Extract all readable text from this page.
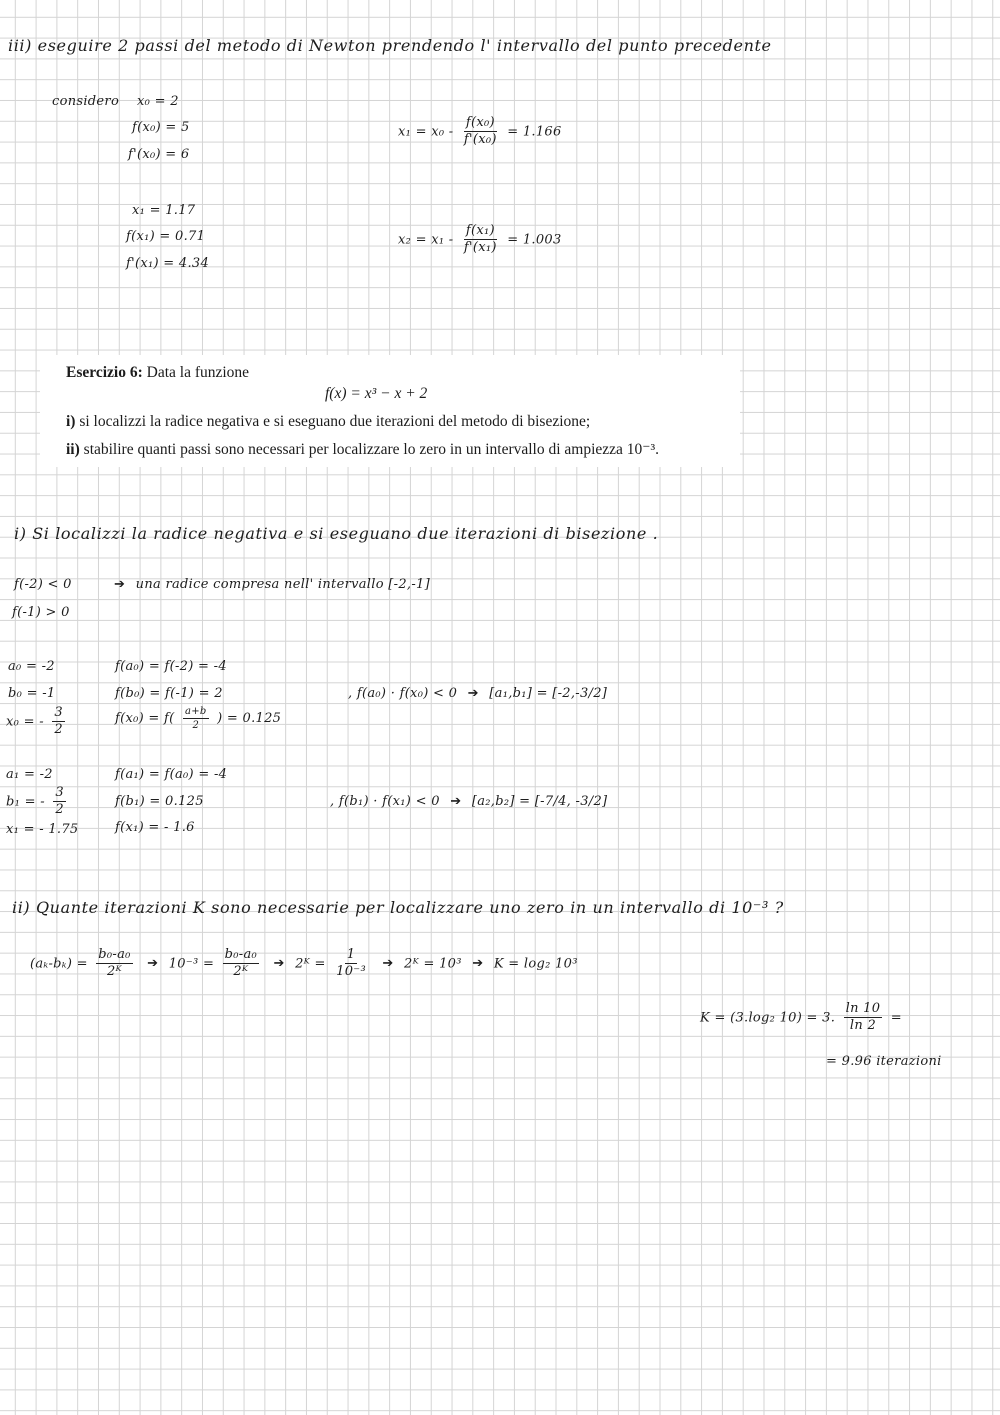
iii) eseguire 2 passi del metodo di Newton prendendo l' intervallo del punto precedente
considero x₀ = 2
f(x₀) = 5
f'(x₀) = 6
$x_1 = x_0 - \frac{\text{f(x₀)}}{\text{f'(x₀)}} = 1.166$
x₁ = 1.17
f(x₁) = 0.71
f'(x₁) = 4.34
$x_2 = x_1 - \frac{\text{f(x₁)}}{\text{f'(x₁)}} = 1.003$
Esercizio 6: Data la funzione
f(x) = x³ − x + 2
i) si localizzi la radice negativa e si eseguano due iterazioni del metodo di bisezione;
ii) stabilire quanti passi sono necessari per localizzare lo zero in un intervallo di ampiezza 10⁻³.
i) Si localizzi la radice negativa e si eseguano due iterazioni di bisezione .
f(-2) < 0	➔ una radice compresa nell' intervallo [-2,-1]
f(-1) > 0
a₀ = -2
b₀ = -1
x₀ = - $\frac{3}{2}$
f(a₀) = f(-2) = -4
f(b₀) = f(-1) = 2
$f(x_0) = f( \frac{a+b}{2}$ ) = 0.125
, f(a₀) · f(x₀) < 0 ➔ [a₁,b₁] = [-2,-3/2]
a₁ = -2
b₁ = - $\frac{3}{2}$
x₁ = - 1.75
f(a₁) = f(a₀) = -4
f(b₁) = 0.125
f(x₁) = - 1.6
, f(b₁) · f(x₁) < 0 ➔ [a₂,b₂] = [-7/4, -3/2]
ii) Quante iterazioni K sono necessarie per localizzare uno zero in un intervallo di 10⁻³ ?
$(a_k-b_k) = \frac{\text{b₀-a₀}}{\text{2ᴷ}}$ ➔ $10^{-3} = \frac{\text{b₀-a₀}}{\text{2ᴷ}}$ ➔ 2ᴷ = $\frac{1}{\text{10⁻³}}$ ➔ 2ᴷ = 10³ ➔ K = log₂ 10³
K = (3.log₂ 10) = 3. $\frac{\ln 10}{\ln 2}$ =
= 9.96 iterazioni
